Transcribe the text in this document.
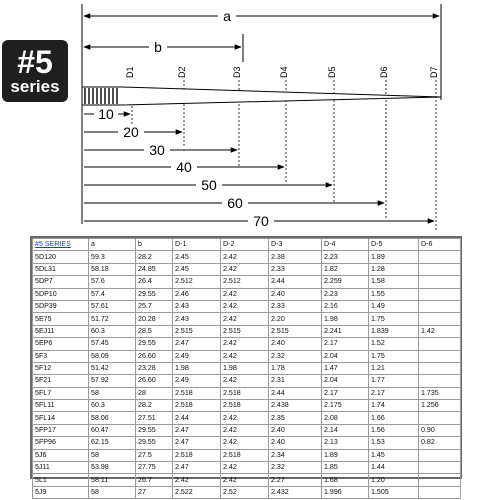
#5
series
a
b
D1	D2	D3	D4	D5	D6	D7
10
20
30
40
50
60
70
#5 SERIES	a	b	D-1	D-2	D-3	D-4	D-5	D-6
5D120	59.3	28.2	2.45	2.42	2.38	2.23	1.89	
5DL31	58.18	24.85	2.45	2.42	2.33	1.82	1.28	
5DP7	57.6	26.4	2.512	2.512	2.44	2.259	1.58	
5DP10	57.4	29.55	2.46	2.42	2.40	2.23	1.55	
5DP39	57.61	25.7	2.43	2.42	2.33	2.16	1.49	
5E75	51.72	20.28	2.43	2.42	2.20	1.98	1.75	
5EJ11	60.3	28.5	2.515	2.515	2.515	2.241	1.839	1.42
5EP6	57.45	29.55	2.47	2.42	2.40	2.17	1.52	
5F3	58.09	26.60	2.49	2.42	2.32	2.04	1.75	
5F12	51.42	23.28	1.98	1.98	1.78	1.47	1.21	
5F21	57.92	26.60	2.49	2.42	2.31	2.04	1.77	
5FL7	58	28	2.518	2.518	2.44	2.17	2.17	1.735
5FL11	60.3	28.2	2.518	2.518	2.438	2.175	1.74	1.256
5FL14	58.06	27.51	2.44	2.42	2.35	2.08	1.66	
5FP17	60.47	29.55	2.47	2.42	2.40	2.14	1.56	0.90
5FP96	62.15	29.55	2.47	2.42	2.40	2.13	1.53	0.82
5J6	58	27.5	2.518	2.518	2.34	1.89	1.45	
5J11	53.98	27.75	2.47	2.42	2.32	1.85	1.44	
5L1	58.11	26.7	2.42	2.42	2.27	1.68	1.20	
5J9	58	27	2.522	2.52	2.432	1.996	1.505	
